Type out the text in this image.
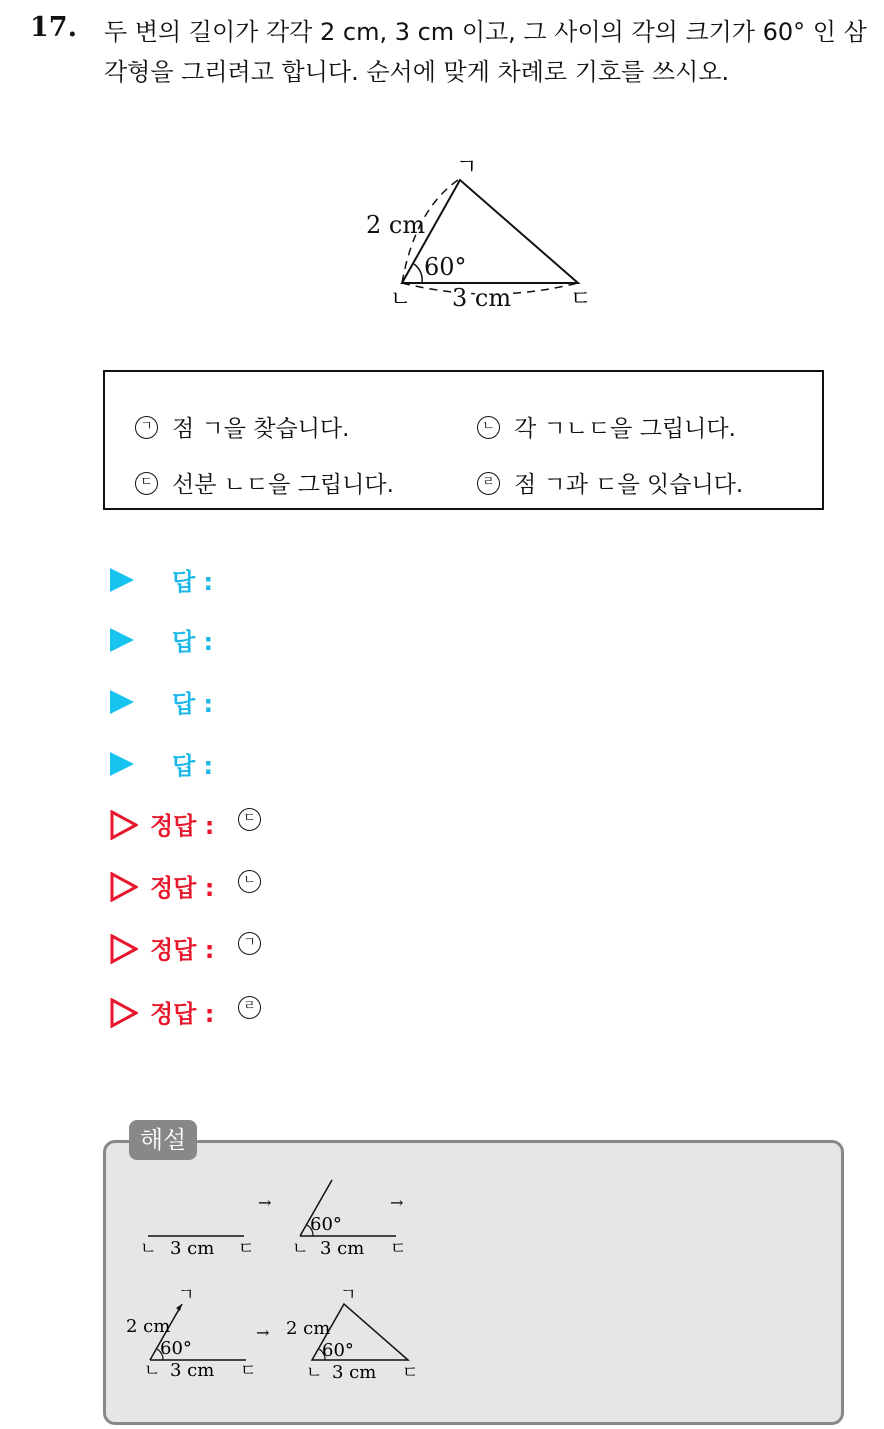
17. 두 변의 길이가 각각 2 cm, 3 cm 이고, 그 사이의 각의 크기가 60° 인 삼각형을 그리려고 합니다. 순서에 맞게 차례로 기호를 쓰시오.
ㄱ
ㄴ	ㄷ
2 cm
3 cm
60°
ㄱ 점 ㄱ을 찾습니다.	ㄴ 각 ㄱㄴㄷ을 그립니다.
ㄷ 선분 ㄴㄷ을 그립니다.	ㄹ 점 ㄱ과 ㄷ을 잇습니다.
답 :
답 :
답 :
답 :
정답 :	ㄷ
정답 :	ㄴ
정답 :	ㄱ
정답 :	ㄹ
해설
ㄴ	ㄷ
3 cm
→
60°
ㄴ	ㄷ
3 cm
→
ㄱ
2 cm
60°
ㄴ	ㄷ
3 cm
→
ㄱ
2 cm
60°
ㄴ	ㄷ
3 cm
